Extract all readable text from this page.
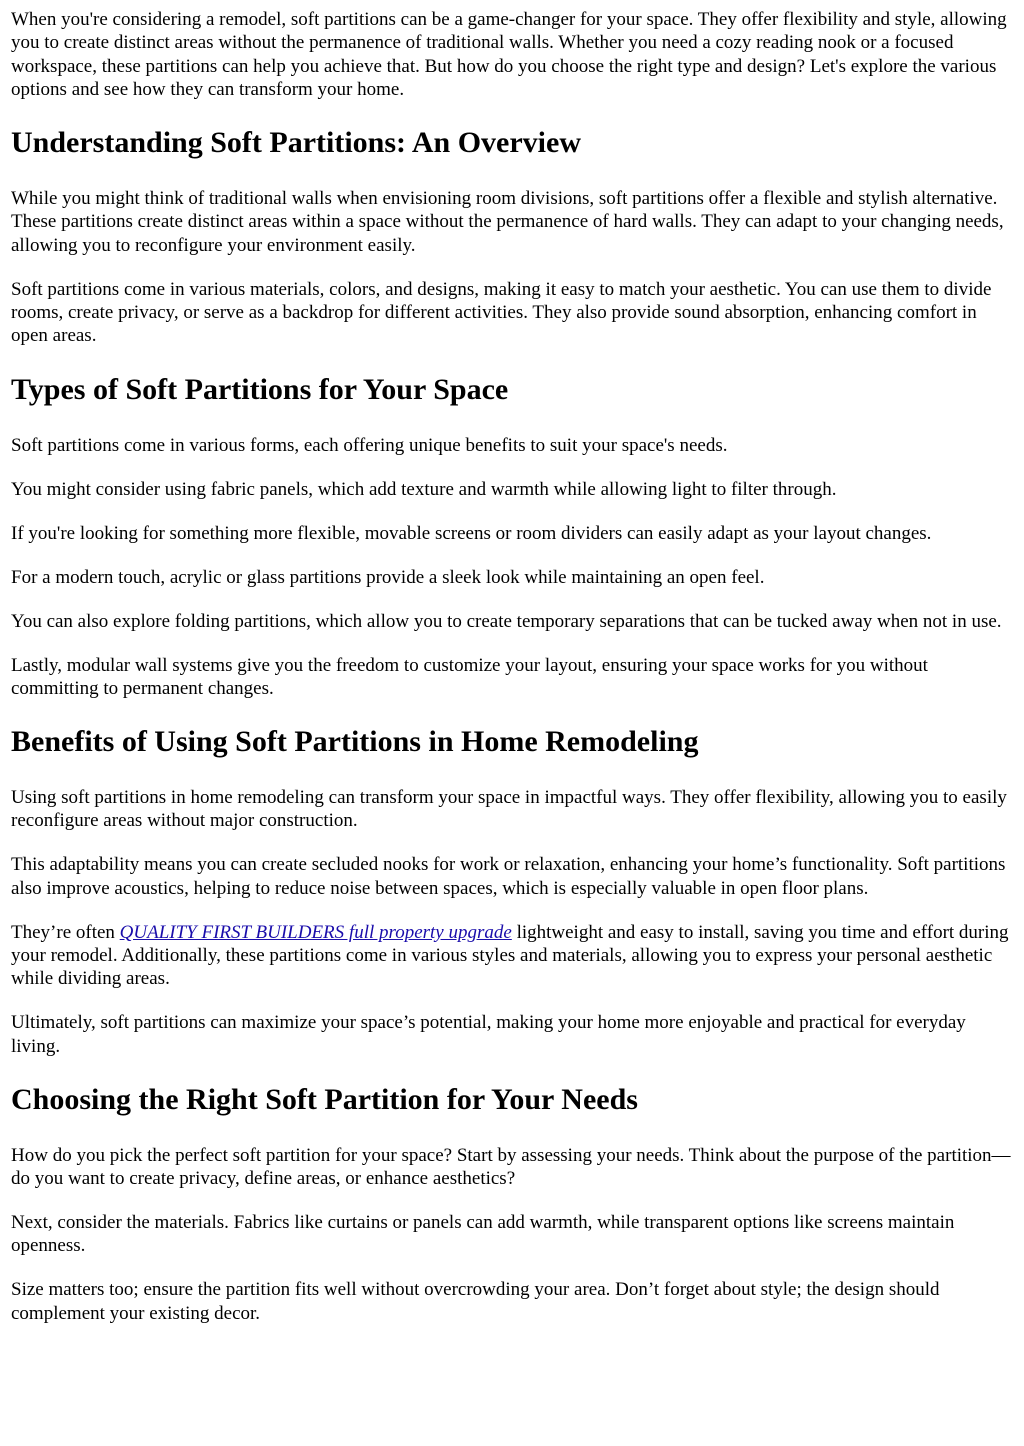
When you're considering a remodel, soft partitions can be a game-changer for your space. They offer flexibility and style, allowing you to create distinct areas without the permanence of traditional walls. Whether you need a cozy reading nook or a focused workspace, these partitions can help you achieve that. But how do you choose the right type and design? Let's explore the various options and see how they can transform your home.

Understanding Soft Partitions: An Overview

While you might think of traditional walls when envisioning room divisions, soft partitions offer a flexible and stylish alternative. These partitions create distinct areas within a space without the permanence of hard walls. They can adapt to your changing needs, allowing you to reconfigure your environment easily.

Soft partitions come in various materials, colors, and designs, making it easy to match your aesthetic. You can use them to divide rooms, create privacy, or serve as a backdrop for different activities. They also provide sound absorption, enhancing comfort in open areas.

Types of Soft Partitions for Your Space

Soft partitions come in various forms, each offering unique benefits to suit your space's needs.

You might consider using fabric panels, which add texture and warmth while allowing light to filter through.

If you're looking for something more flexible, movable screens or room dividers can easily adapt as your layout changes.

For a modern touch, acrylic or glass partitions provide a sleek look while maintaining an open feel.

You can also explore folding partitions, which allow you to create temporary separations that can be tucked away when not in use.

Lastly, modular wall systems give you the freedom to customize your layout, ensuring your space works for you without committing to permanent changes.

Benefits of Using Soft Partitions in Home Remodeling

Using soft partitions in home remodeling can transform your space in impactful ways. They offer flexibility, allowing you to easily reconfigure areas without major construction.

This adaptability means you can create secluded nooks for work or relaxation, enhancing your home’s functionality. Soft partitions also improve acoustics, helping to reduce noise between spaces, which is especially valuable in open floor plans.

They’re often QUALITY FIRST BUILDERS full property upgrade lightweight and easy to install, saving you time and effort during your remodel. Additionally, these partitions come in various styles and materials, allowing you to express your personal aesthetic while dividing areas.

Ultimately, soft partitions can maximize your space’s potential, making your home more enjoyable and practical for everyday living.

Choosing the Right Soft Partition for Your Needs

How do you pick the perfect soft partition for your space? Start by assessing your needs. Think about the purpose of the partition—do you want to create privacy, define areas, or enhance aesthetics?

Next, consider the materials. Fabrics like curtains or panels can add warmth, while transparent options like screens maintain openness.

Size matters too; ensure the partition fits well without overcrowding your area. Don’t forget about style; the design should complement your existing decor.
